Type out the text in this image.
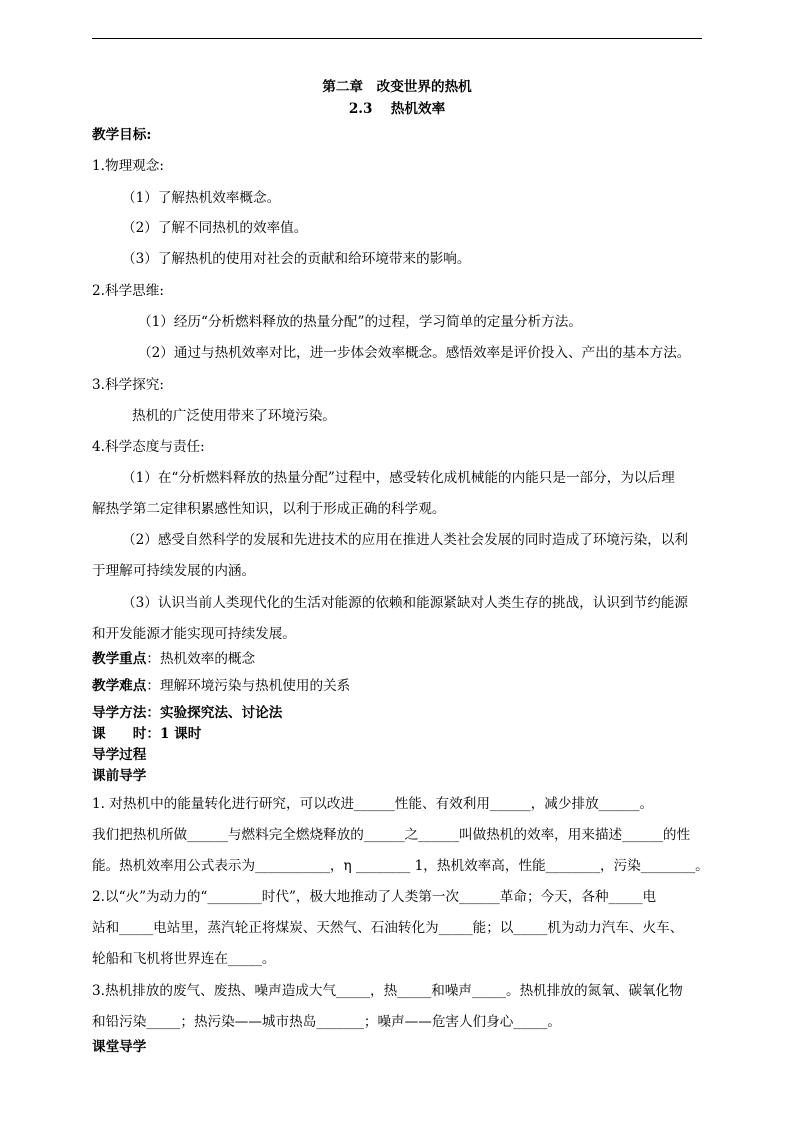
第二章　改变世界的热机
2.3　 热机效率
教学目标:
1.物理观念:
（1）了解热机效率概念。
（2）了解不同热机的效率值。
（3）了解热机的使用对社会的贡献和给环境带来的影响。
2.科学思维:
（1）经历“分析燃料释放的热量分配”的过程，学习简单的定量分析方法。
（2）通过与热机效率对比，进一步体会效率概念。感悟效率是评价投入、产出的基本方法。
3.科学探究:
热机的广泛使用带来了环境污染。
4.科学态度与责任:
（1）在“分析燃料释放的热量分配”过程中，感受转化成机械能的内能只是一部分，为以后理
解热学第二定律积累感性知识，以利于形成正确的科学观。
（2）感受自然科学的发展和先进技术的应用在推进人类社会发展的同时造成了环境污染，以利
于理解可持续发展的内涵。
（3）认识当前人类现代化的生活对能源的依赖和能源紧缺对人类生存的挑战，认识到节约能源
和开发能源才能实现可持续发展。
教学重点：热机效率的概念
教学难点：理解环境污染与热机使用的关系
导学方法：实验探究法、讨论法
课　　时：1 课时
导学过程
课前导学
1. 对热机中的能量转化进行研究，可以改进______性能、有效利用______，减少排放______。
我们把热机所做______与燃料完全燃烧释放的______之______叫做热机的效率，用来描述______的性
能。热机效率用公式表示为___________，η ________ 1，热机效率高，性能________，污染________。
2.以“火”为动力的“________时代”，极大地推动了人类第一次______革命；今天，各种_____电
站和_____电站里，蒸汽轮正将煤炭、天然气、石油转化为_____能；以_____机为动力汽车、火车、
轮船和飞机将世界连在_____。
3.热机排放的废气、废热、噪声造成大气_____，热_____和噪声_____。热机排放的氮氧、碳氧化物
和铅污染_____；热污染——城市热岛_______；噪声——危害人们身心_____。
课堂导学
